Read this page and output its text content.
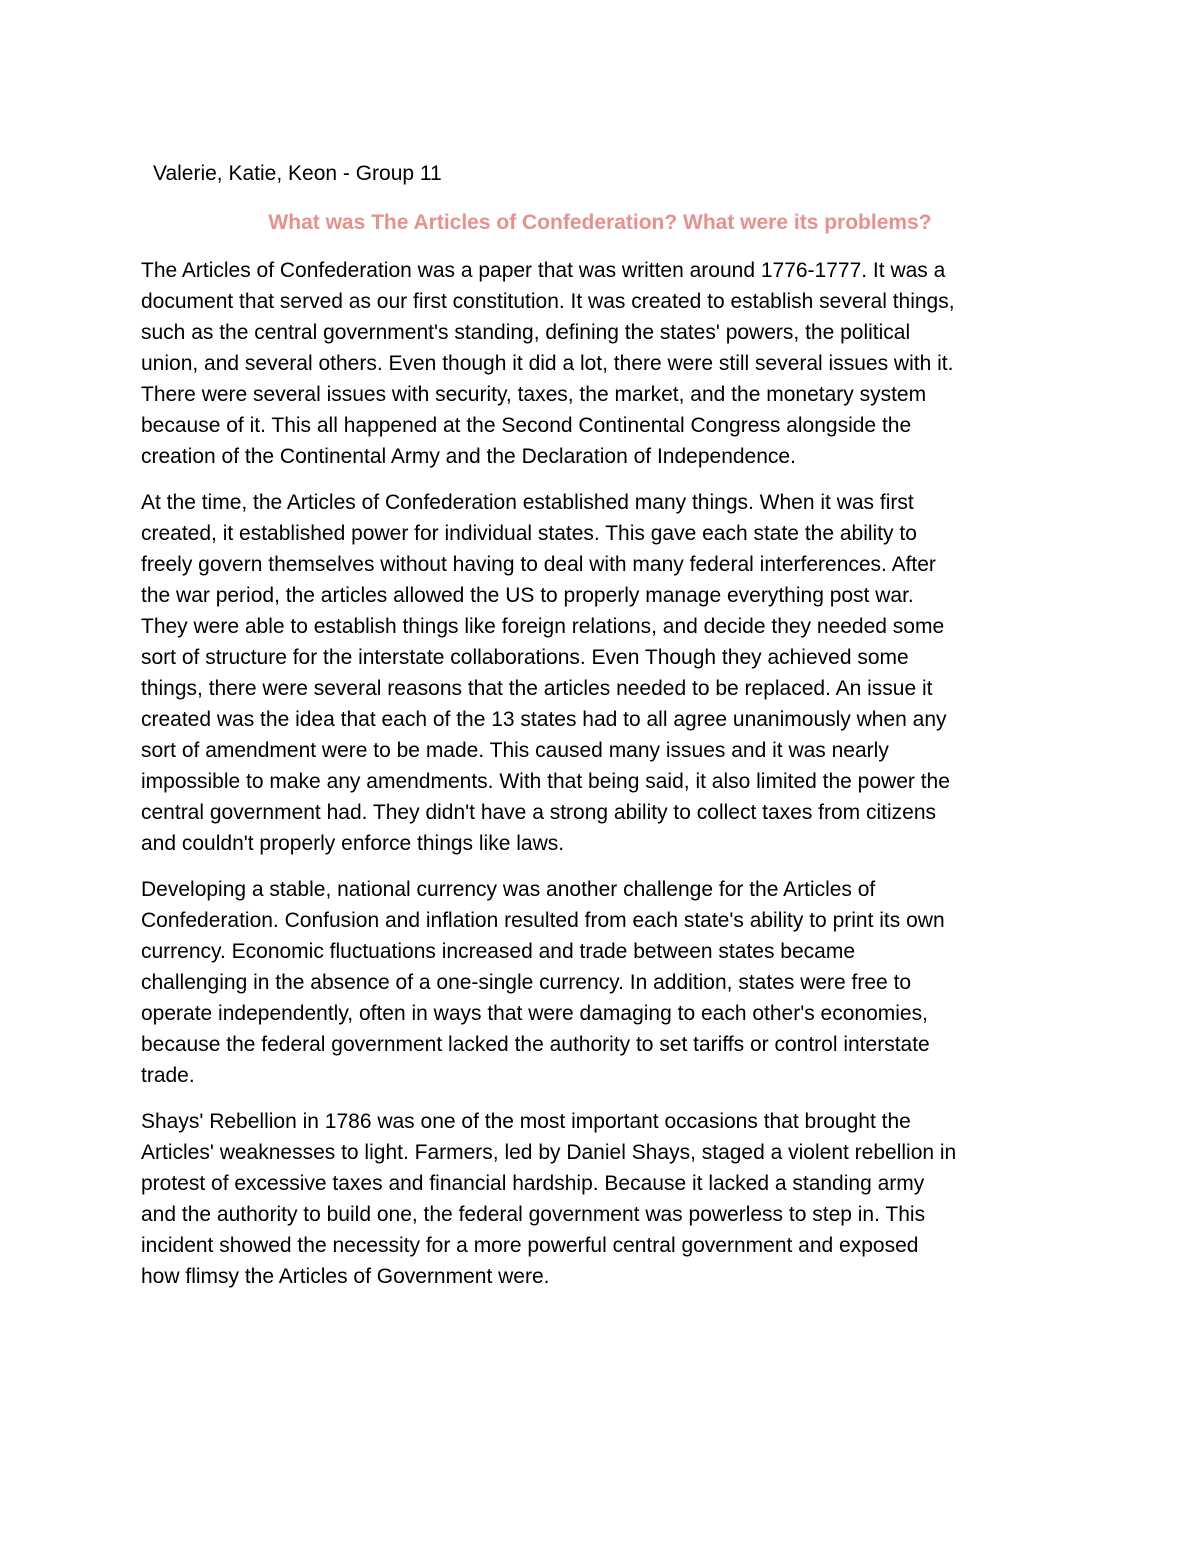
Valerie, Katie, Keon - Group 11
What was The Articles of Confederation? What were its problems?
The Articles of Confederation was a paper that was written around 1776-1777. It was a
document that served as our first constitution. It was created to establish several things,
such as the central government's standing, defining the states' powers, the political
union, and several others. Even though it did a lot, there were still several issues with it.
There were several issues with security, taxes, the market, and the monetary system
because of it. This all happened at the Second Continental Congress alongside the
creation of the Continental Army and the Declaration of Independence.
At the time, the Articles of Confederation established many things. When it was first
created, it established power for individual states. This gave each state the ability to
freely govern themselves without having to deal with many federal interferences. After
the war period, the articles allowed the US to properly manage everything post war.
They were able to establish things like foreign relations, and decide they needed some
sort of structure for the interstate collaborations. Even Though they achieved some
things, there were several reasons that the articles needed to be replaced. An issue it
created was the idea that each of the 13 states had to all agree unanimously when any
sort of amendment were to be made. This caused many issues and it was nearly
impossible to make any amendments. With that being said, it also limited the power the
central government had. They didn't have a strong ability to collect taxes from citizens
and couldn't properly enforce things like laws.
Developing a stable, national currency was another challenge for the Articles of
Confederation. Confusion and inflation resulted from each state's ability to print its own
currency. Economic fluctuations increased and trade between states became
challenging in the absence of a one-single currency. In addition, states were free to
operate independently, often in ways that were damaging to each other's economies,
because the federal government lacked the authority to set tariffs or control interstate
trade.
Shays' Rebellion in 1786 was one of the most important occasions that brought the
Articles' weaknesses to light. Farmers, led by Daniel Shays, staged a violent rebellion in
protest of excessive taxes and financial hardship. Because it lacked a standing army
and the authority to build one, the federal government was powerless to step in. This
incident showed the necessity for a more powerful central government and exposed
how flimsy the Articles of Government were.
